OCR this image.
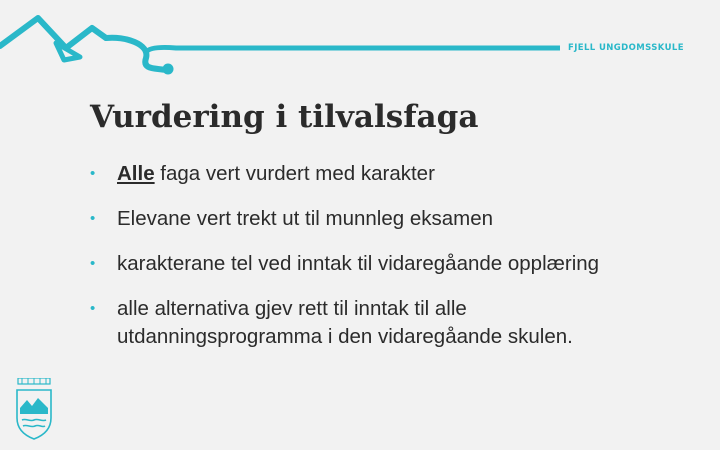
FJELL UNGDOMSSKULE
Vurdering i tilvalsfaga
• Alle faga vert vurdert med karakter
• Elevane vert trekt ut til munnleg eksamen
• karakterane tel ved inntak til vidaregåande opplæring
• alle alternativa gjev rett til inntak til alle utdanningsprogramma i den vidaregåande skulen.
